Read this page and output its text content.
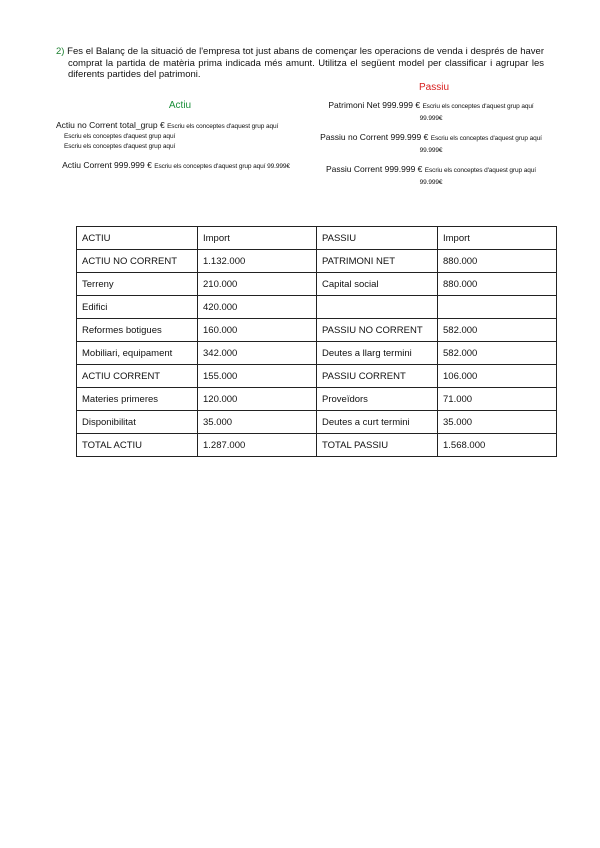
2) Fes el Balanç de la situació de l'empresa tot just abans de començar les operacions de venda i després de haver comprat la partida de matèria prima indicada més amunt. Utilitza el següent model per classificar i agrupar les diferents partides del patrimoni.
Actiu
Passiu
Actiu no Corrent total_grup € Escriu els conceptes d'aquest grup aquí
Escriu els conceptes d'aquest grup aquí
Escriu els conceptes d'aquest grup aquí
Actiu Corrent 999.999 € Escriu els conceptes d'aquest grup aquí 99.999€
Patrimoni Net 999.999 € Escriu els conceptes d'aquest grup aquí 99.999€
Passiu no Corrent 999.999 € Escriu els conceptes d'aquest grup aquí 99.999€
Passiu Corrent 999.999 € Escriu els conceptes d'aquest grup aquí 99.999€
ACTIU	Import	PASSIU	Import
ACTIU NO CORRENT	1.132.000	PATRIMONI NET	880.000
Terreny	210.000	Capital social	880.000
Edifici	420.000		
Reformes botigues	160.000	PASSIU NO CORRENT	582.000
Mobiliari, equipament	342.000	Deutes a llarg termini	582.000
ACTIU CORRENT	155.000	PASSIU CORRENT	106.000
Materies primeres	120.000	Proveïdors	71.000
Disponibilitat	35.000	Deutes a curt termini	35.000
TOTAL ACTIU	1.287.000	TOTAL PASSIU	1.568.000
